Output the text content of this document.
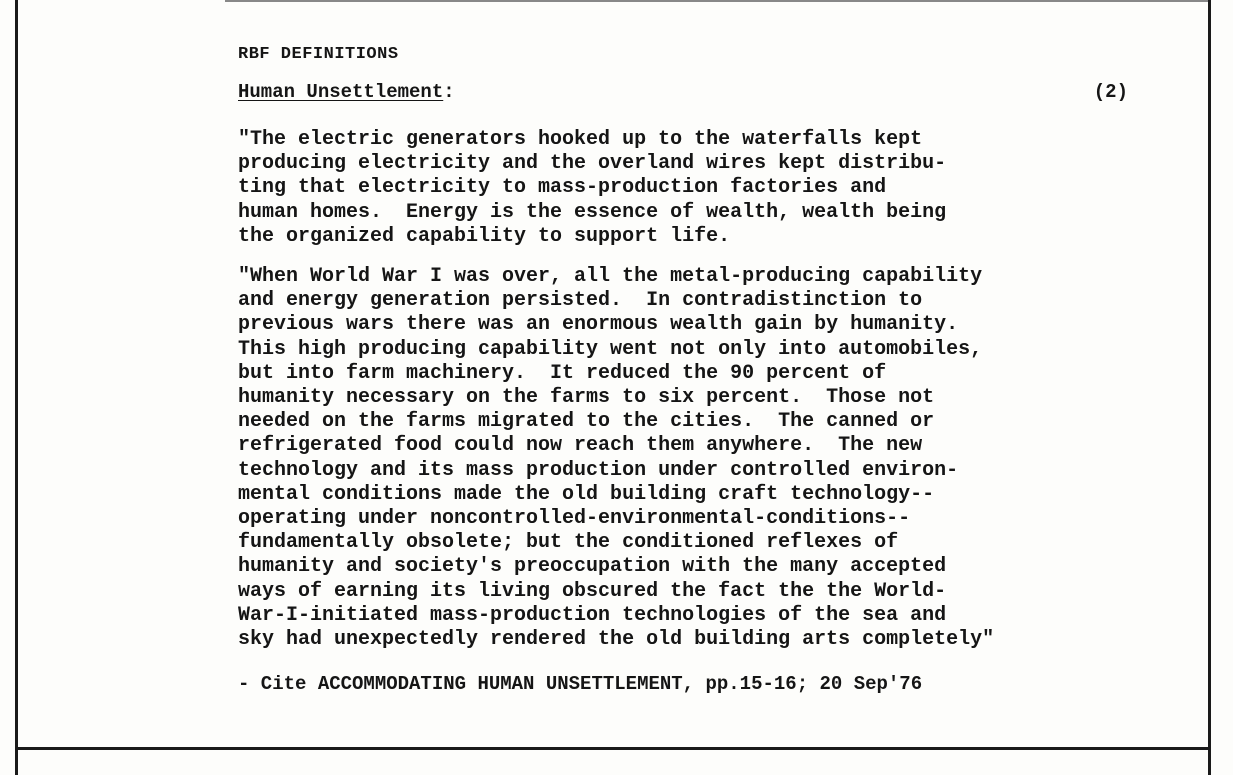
RBF DEFINITIONS
Human Unsettlement:	(2)

"The electric generators hooked up to the waterfalls kept
producing electricity and the overland wires kept distribu-
ting that electricity to mass-production factories and
human homes.  Energy is the essence of wealth, wealth being
the organized capability to support life.

"When World War I was over, all the metal-producing capability
and energy generation persisted.  In contradistinction to
previous wars there was an enormous wealth gain by humanity.
This high producing capability went not only into automobiles,
but into farm machinery.  It reduced the 90 percent of
humanity necessary on the farms to six percent.  Those not
needed on the farms migrated to the cities.  The canned or
refrigerated food could now reach them anywhere.  The new
technology and its mass production under controlled environ-
mental conditions made the old building craft technology--
operating under noncontrolled-environmental-conditions--
fundamentally obsolete; but the conditioned reflexes of
humanity and society's preoccupation with the many accepted
ways of earning its living obscured the fact the the World-
War-I-initiated mass-production technologies of the sea and
sky had unexpectedly rendered the old building arts completely"

- Cite ACCOMMODATING HUMAN UNSETTLEMENT, pp.15-16; 20 Sep'76
